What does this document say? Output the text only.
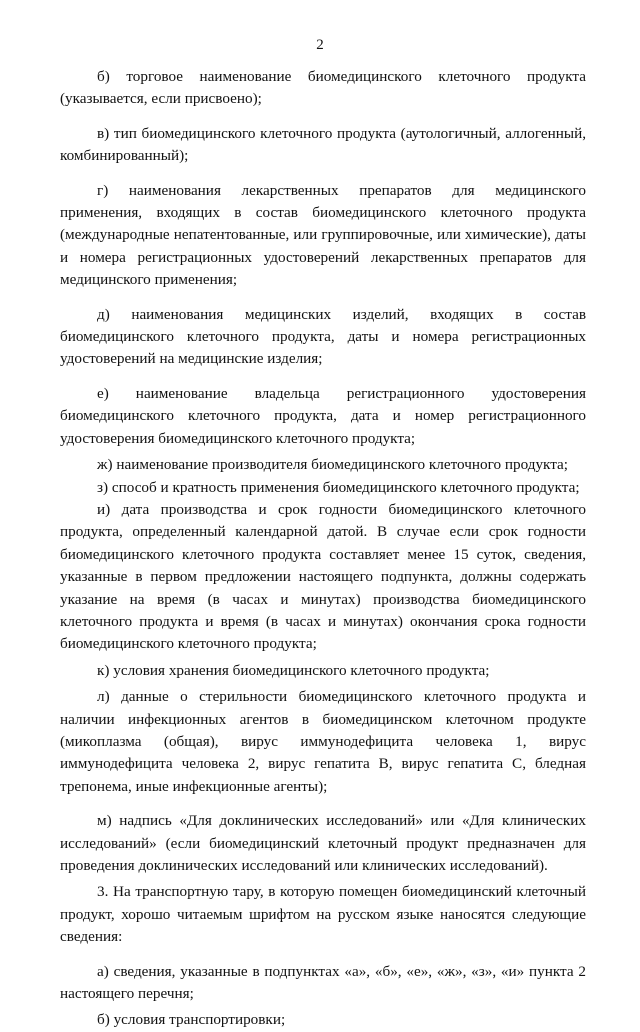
2

б) торговое наименование биомедицинского клеточного продукта (указывается, если присвоено);

в) тип биомедицинского клеточного продукта (аутологичный, аллогенный, комбинированный);

г) наименования лекарственных препаратов для медицинского применения, входящих в состав биомедицинского клеточного продукта (международные непатентованные, или группировочные, или химические), даты и номера регистрационных удостоверений лекарственных препаратов для медицинского применения;

д) наименования медицинских изделий, входящих в состав биомедицинского клеточного продукта, даты и номера регистрационных удостоверений на медицинские изделия;

е) наименование владельца регистрационного удостоверения биомедицинского клеточного продукта, дата и номер регистрационного удостоверения биомедицинского клеточного продукта;

ж) наименование производителя биомедицинского клеточного продукта;

з) способ и кратность применения биомедицинского клеточного продукта;

и) дата производства и срок годности биомедицинского клеточного продукта, определенный календарной датой. В случае если срок годности биомедицинского клеточного продукта составляет менее 15 суток, сведения, указанные в первом предложении настоящего подпункта, должны содержать указание на время (в часах и минутах) производства биомедицинского клеточного продукта и время (в часах и минутах) окончания срока годности биомедицинского клеточного продукта;

к) условия хранения биомедицинского клеточного продукта;

л) данные о стерильности биомедицинского клеточного продукта и наличии инфекционных агентов в биомедицинском клеточном продукте (микоплазма (общая), вирус иммунодефицита человека 1, вирус иммунодефицита человека 2, вирус гепатита B, вирус гепатита C, бледная трепонема, иные инфекционные агенты);

м) надпись «Для доклинических исследований» или «Для клинических исследований» (если биомедицинский клеточный продукт предназначен для проведения доклинических исследований или клинических исследований).

3. На транспортную тару, в которую помещен биомедицинский клеточный продукт, хорошо читаемым шрифтом на русском языке наносятся следующие сведения:

а) сведения, указанные в подпунктах «а», «б», «е», «ж», «з», «и» пункта 2 настоящего перечня;

б) условия транспортировки;
